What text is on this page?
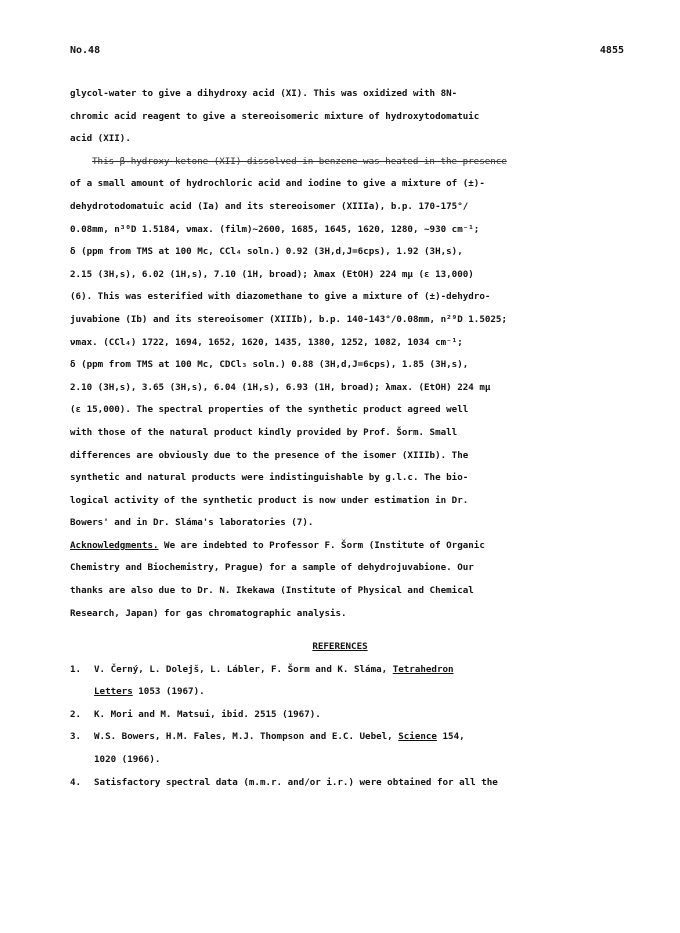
No.48	4855
glycol-water to give a dihydroxy acid (XI). This was oxidized with 8N-
chromic acid reagent to give a stereoisomeric mixture of hydroxytodomatuic
acid (XII).
This β-hydroxy ketone (XII) dissolved in benzene was heated in the presence
of a small amount of hydrochloric acid and iodine to give a mixture of (±)-
dehydrotodomatuic acid (Ia) and its stereoisomer (XIIIa), b.p. 170-175°/
0.08mm, n³⁰D 1.5184, νmax. (film)~2600, 1685, 1645, 1620, 1280, ~930 cm⁻¹;
δ (ppm from TMS at 100 Mc, CCl₄ soln.) 0.92 (3H,d,J=6cps), 1.92 (3H,s),
2.15 (3H,s), 6.02 (1H,s), 7.10 (1H, broad); λmax (EtOH) 224 mμ (ε 13,000)
(6). This was esterified with diazomethane to give a mixture of (±)-dehydro-
juvabione (Ib) and its stereoisomer (XIIIb), b.p. 140-143°/0.08mm, n²⁹D 1.5025;
νmax. (CCl₄) 1722, 1694, 1652, 1620, 1435, 1380, 1252, 1082, 1034 cm⁻¹;
δ (ppm from TMS at 100 Mc, CDCl₃ soln.) 0.88 (3H,d,J=6cps), 1.85 (3H,s),
2.10 (3H,s), 3.65 (3H,s), 6.04 (1H,s), 6.93 (1H, broad); λmax. (EtOH) 224 mμ
(ε 15,000). The spectral properties of the synthetic product agreed well
with those of the natural product kindly provided by Prof. Šorm. Small
differences are obviously due to the presence of the isomer (XIIIb). The
synthetic and natural products were indistinguishable by g.l.c. The bio-
logical activity of the synthetic product is now under estimation in Dr.
Bowers' and in Dr. Sláma's laboratories (7).
Acknowledgments. We are indebted to Professor F. Šorm (Institute of Organic
Chemistry and Biochemistry, Prague) for a sample of dehydrojuvabione. Our
thanks are also due to Dr. N. Ikekawa (Institute of Physical and Chemical
Research, Japan) for gas chromatographic analysis.
REFERENCES
1.	V. Černý, L. Dolejš, L. Lábler, F. Šorm and K. Sláma, Tetrahedron
Letters 1053 (1967).
2.	K. Mori and M. Matsui, ibid. 2515 (1967).
3.	W.S. Bowers, H.M. Fales, M.J. Thompson and E.C. Uebel, Science 154,
1020 (1966).
4.	Satisfactory spectral data (m.m.r. and/or i.r.) were obtained for all the
